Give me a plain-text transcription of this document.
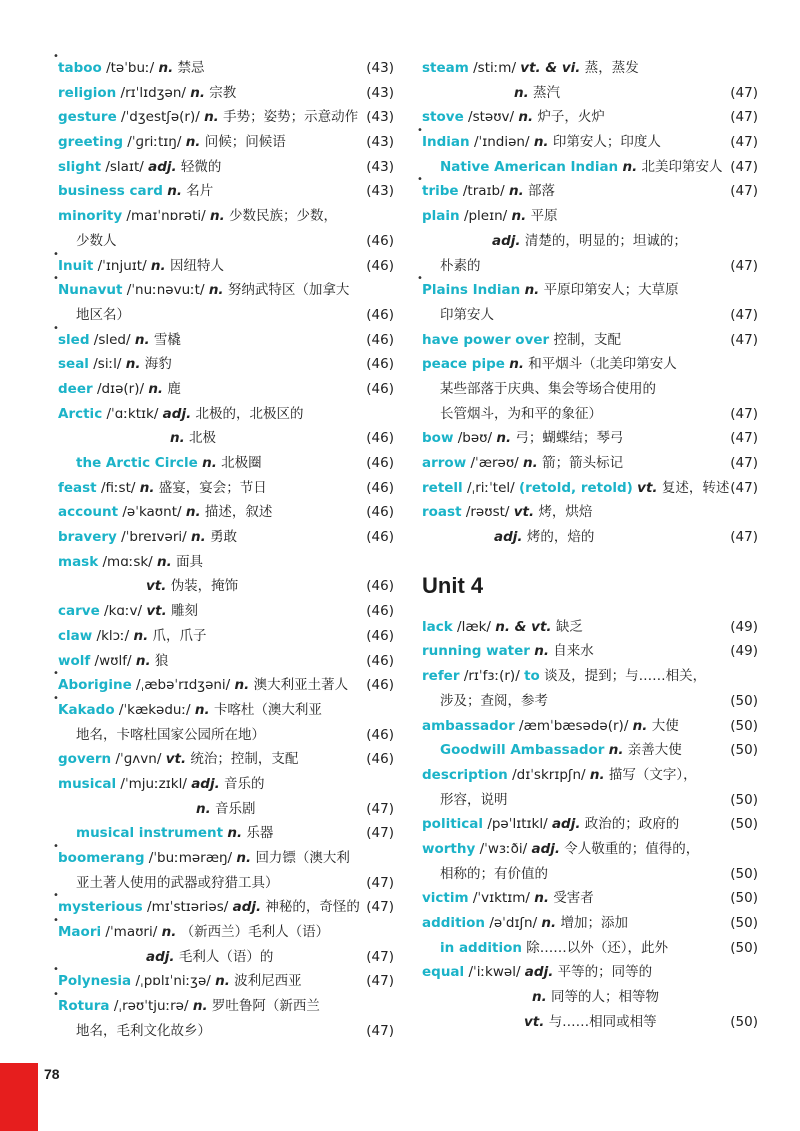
•
taboo /təˈbuː/ n. 禁忌	(43)
religion /rɪˈlɪdʒən/ n. 宗教	(43)
gesture /ˈdʒestʃə(r)/ n. 手势；姿势；示意动作 (43)
greeting /ˈɡriːtɪŋ/ n. 问候；问候语	(43)
slight /slaɪt/ adj. 轻微的	(43)
business card n. 名片	(43)
minority /maɪˈnɒrəti/ n. 少数民族；少数，
少数人	(46)
•
Inuit /ˈɪnjuɪt/ n. 因纽特人	(46)
•
Nunavut /ˈnuːnəvuːt/ n. 努纳武特区（加拿大
地区名）	(46)
•
sled /sled/ n. 雪橇	(46)
seal /siːl/ n. 海豹	(46)
deer /dɪə(r)/ n. 鹿	(46)
Arctic /ˈɑːktɪk/ adj. 北极的，北极区的
n. 北极	(46)
the Arctic Circle n. 北极圈	(46)
feast /fiːst/ n. 盛宴，宴会；节日	(46)
account /əˈkaʊnt/ n. 描述，叙述	(46)
bravery /ˈbreɪvəri/ n. 勇敢	(46)
mask /mɑːsk/ n. 面具
vt. 伪装，掩饰	(46)
carve /kɑːv/ vt. 雕刻	(46)
claw /klɔː/ n. 爪，爪子	(46)
wolf /wʊlf/ n. 狼	(46)
•
Aborigine /ˌæbəˈrɪdʒəni/ n. 澳大利亚土著人	(46)
•
Kakado /ˈkækəduː/ n. 卡喀杜（澳大利亚
地名，卡喀杜国家公园所在地）	(46)
govern /ˈɡʌvn/ vt. 统治；控制，支配	(46)
musical /ˈmjuːzɪkl/ adj. 音乐的
n. 音乐剧	(47)
musical instrument n. 乐器	(47)
•
boomerang /ˈbuːməræŋ/ n. 回力镖（澳大利
亚土著人使用的武器或狩猎工具）	(47)
•
mysterious /mɪˈstɪəriəs/ adj. 神秘的，奇怪的 (47)
•
Maori /ˈmaʊri/ n. （新西兰）毛利人（语）
adj. 毛利人（语）的	(47)
•
Polynesia /ˌpɒlɪˈniːʒə/ n. 波利尼西亚	(47)
•
Rotura /ˌrəʊˈtjuːrə/ n. 罗吐鲁阿（新西兰
地名，毛利文化故乡）	(47)
steam /stiːm/ vt. & vi. 蒸，蒸发
n. 蒸汽	(47)
stove /stəʊv/ n. 炉子，火炉	(47)
•
Indian /ˈɪndiən/ n. 印第安人；印度人	(47)
Native American Indian n. 北美印第安人 (47)
•
tribe /traɪb/ n. 部落	(47)
plain /pleɪn/ n. 平原
adj. 清楚的，明显的；坦诚的；
朴素的	(47)
•
Plains Indian n. 平原印第安人；大草原
印第安人	(47)
have power over 控制，支配	(47)
peace pipe n. 和平烟斗（北美印第安人
某些部落于庆典、集会等场合使用的
长管烟斗，为和平的象征）	(47)
bow /bəʊ/ n. 弓；蝴蝶结；琴弓	(47)
arrow /ˈærəʊ/ n. 箭；箭头标记	(47)
retell /ˌriːˈtel/ (retold, retold) vt. 复述，转述 (47)
roast /rəʊst/ vt. 烤，烘焙
adj. 烤的，焙的	(47)
Unit 4
lack /læk/ n. & vt. 缺乏	(49)
running water n. 自来水	(49)
refer /rɪˈfɜː(r)/ to 谈及，提到；与……相关，
涉及；查阅，参考	(50)
ambassador /æmˈbæsədə(r)/ n. 大使	(50)
Goodwill Ambassador n. 亲善大使	(50)
description /dɪˈskrɪpʃn/ n. 描写（文字），
形容，说明	(50)
political /pəˈlɪtɪkl/ adj. 政治的；政府的	(50)
worthy /ˈwɜːði/ adj. 令人敬重的；值得的，
相称的；有价值的	(50)
victim /ˈvɪktɪm/ n. 受害者	(50)
addition /əˈdɪʃn/ n. 增加；添加	(50)
in addition 除……以外（还），此外	(50)
equal /ˈiːkwəl/ adj. 平等的；同等的
n. 同等的人；相等物
vt. 与……相同或相等	(50)
78
